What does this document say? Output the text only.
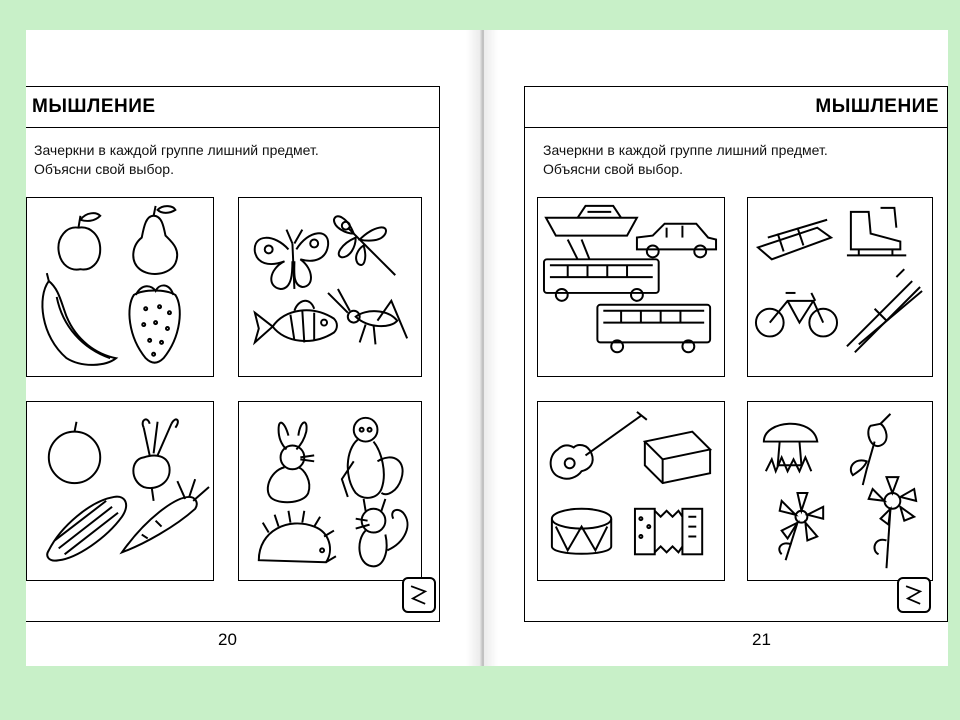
МЫШЛЕНИЕ
Зачеркни в каждой группе лишний предмет.
Объясни свой выбор.
20
МЫШЛЕНИЕ
Зачеркни в каждой группе лишний предмет.
Объясни свой выбор.
21
